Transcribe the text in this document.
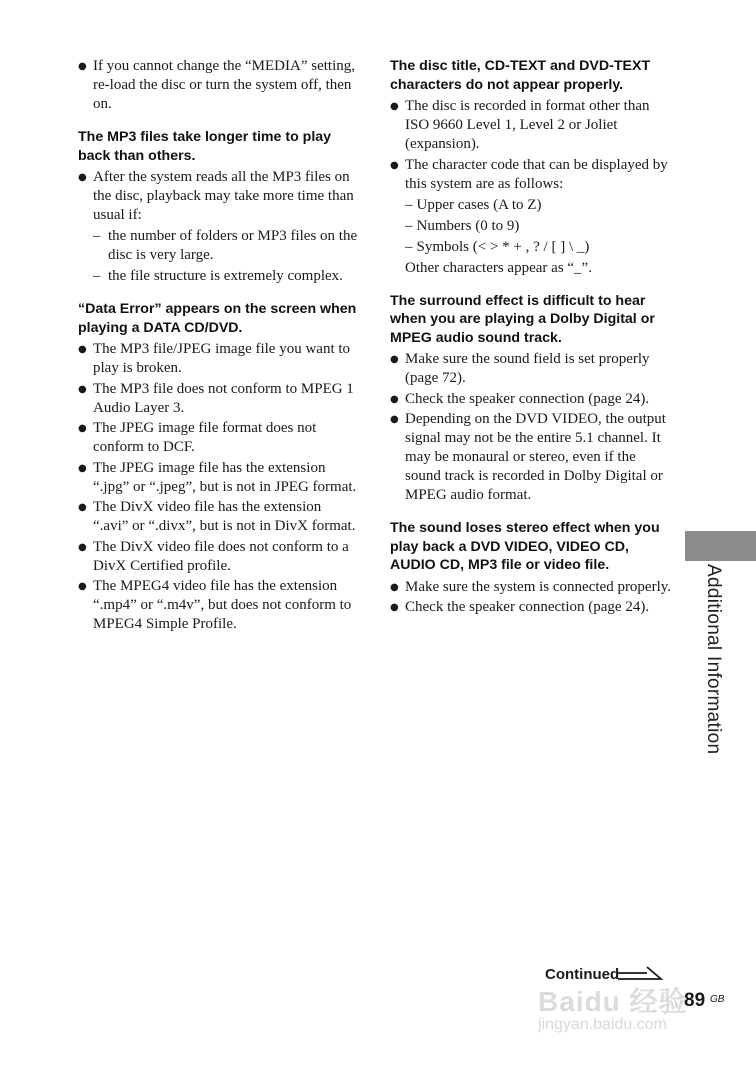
● If you cannot change the “MEDIA” setting, re-load the disc or turn the system off, then on.
The MP3 files take longer time to play back than others.
● After the system reads all the MP3 files on the disc, playback may take more time than usual if:
– the number of folders or MP3 files on the disc is very large.
– the file structure is extremely complex.
“Data Error” appears on the screen when playing a DATA CD/DVD.
● The MP3 file/JPEG image file you want to play is broken.
● The MP3 file does not conform to MPEG 1 Audio Layer 3.
● The JPEG image file format does not conform to DCF.
● The JPEG image file has the extension “.jpg” or “.jpeg”, but is not in JPEG format.
● The DivX video file has the extension “.avi” or “.divx”, but is not in DivX format.
● The DivX video file does not conform to a DivX Certified profile.
● The MPEG4 video file has the extension “.mp4” or “.m4v”, but does not conform to MPEG4 Simple Profile.
The disc title, CD-TEXT and DVD-TEXT characters do not appear properly.
● The disc is recorded in format other than ISO 9660 Level 1, Level 2 or Joliet (expansion).
● The character code that can be displayed by this system are as follows:
– Upper cases (A to Z)
– Numbers (0 to 9)
– Symbols (< > * + , ? / [ ] \ _)
Other characters appear as “_”.
The surround effect is difficult to hear when you are playing a Dolby Digital or MPEG audio sound track.
● Make sure the sound field is set properly (page 72).
● Check the speaker connection (page 24).
● Depending on the DVD VIDEO, the output signal may not be the entire 5.1 channel. It may be monaural or stereo, even if the sound track is recorded in Dolby Digital or MPEG audio format.
The sound loses stereo effect when you play back a DVD VIDEO, VIDEO CD, AUDIO CD, MP3 file or video file.
● Make sure the system is connected properly.
● Check the speaker connection (page 24).	Additional Information
Continued
89 GB
Baidu 经验
jingyan.baidu.com
